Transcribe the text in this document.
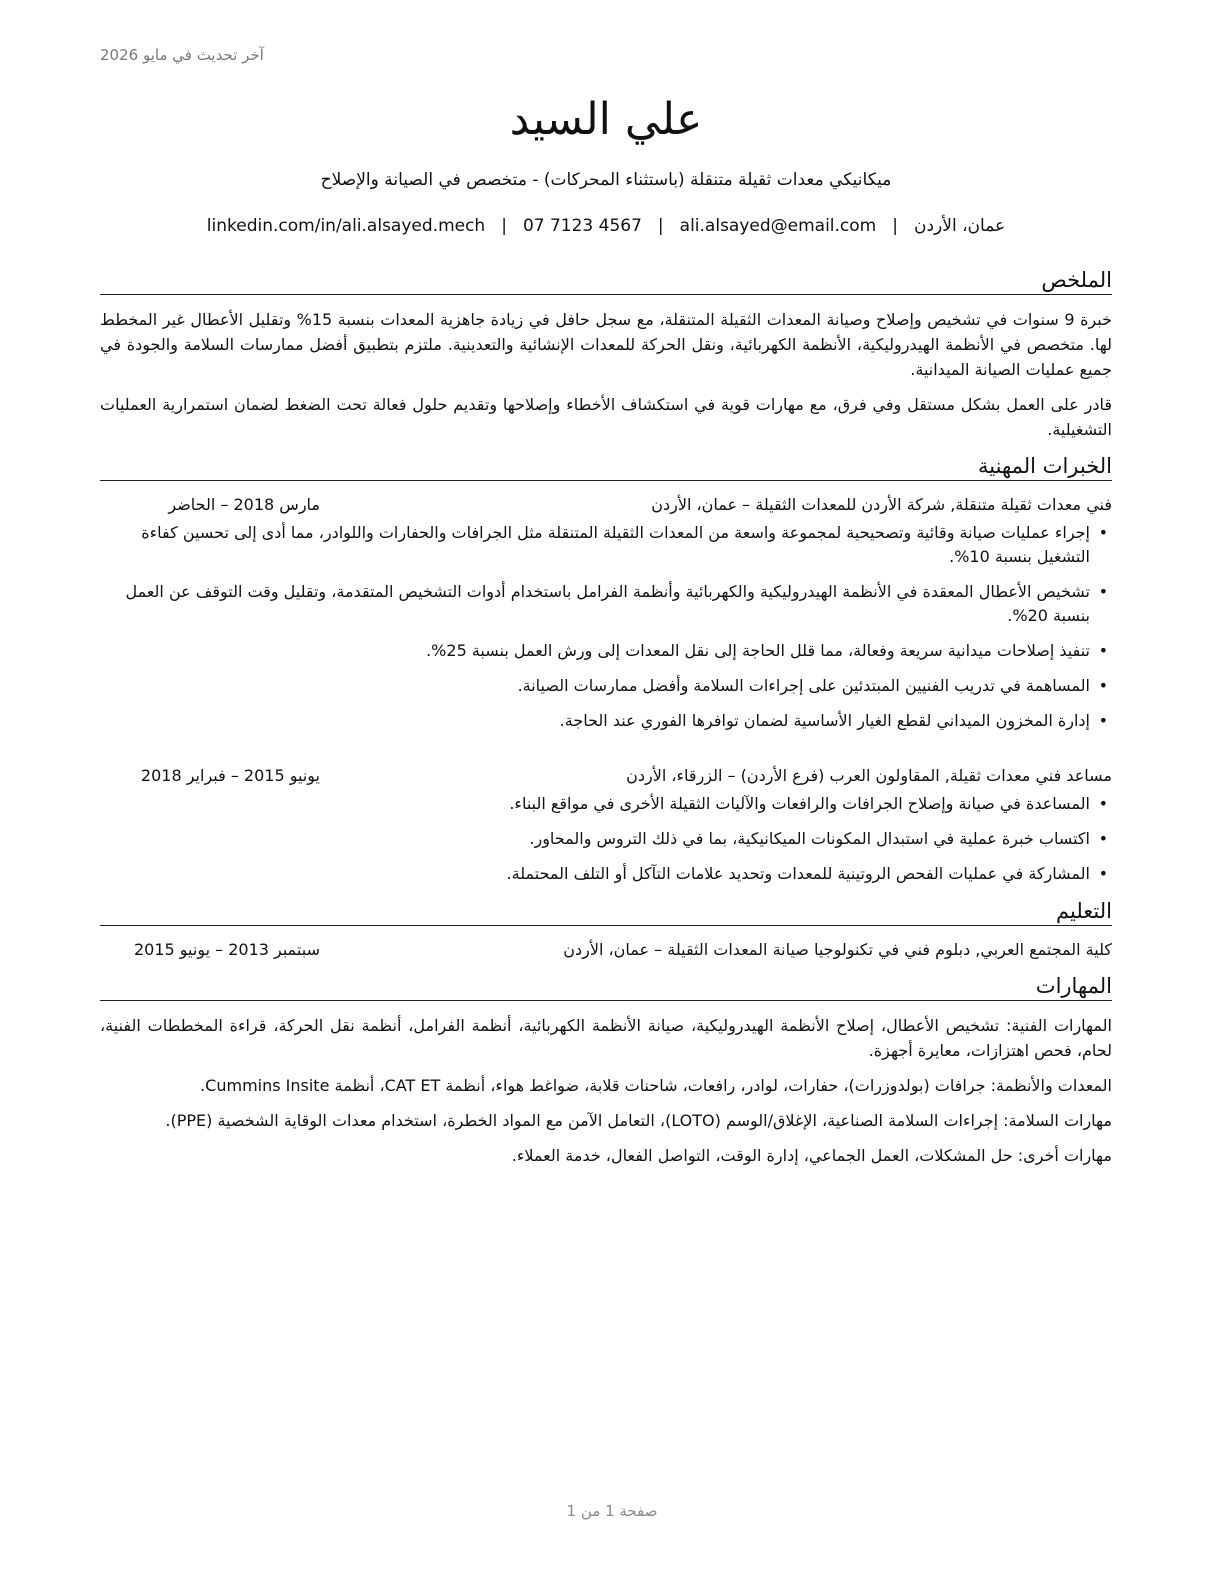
آخر تحديث في مايو 2026
علي السيد
ميكانيكي معدات ثقيلة متنقلة (باستثناء المحركات) - متخصص في الصيانة والإصلاح
عمان، الأردن
|
ali.alsayed@email.com
|
07 7123 4567
|
linkedin.com/in/ali.alsayed.mech
الملخص

خبرة 9 سنوات في تشخيص وإصلاح وصيانة المعدات الثقيلة المتنقلة، مع سجل حافل في زيادة جاهزية المعدات بنسبة 15% وتقليل الأعطال غير المخطط لها. متخصص في الأنظمة الهيدروليكية، الأنظمة الكهربائية، ونقل الحركة للمعدات الإنشائية والتعدينية. ملتزم بتطبيق أفضل ممارسات السلامة والجودة في جميع عمليات الصيانة الميدانية.

قادر على العمل بشكل مستقل وفي فرق، مع مهارات قوية في استكشاف الأخطاء وإصلاحها وتقديم حلول فعالة تحت الضغط لضمان استمرارية العمليات التشغيلية.

الخبرات المهنية
فني معدات ثقيلة متنقلة, شركة الأردن للمعدات الثقيلة – عمان، الأردن
مارس 2018 – الحاضر
• إجراء عمليات صيانة وقائية وتصحيحية لمجموعة واسعة من المعدات الثقيلة المتنقلة مثل الجرافات والحفارات واللوادر، مما أدى إلى تحسين كفاءة التشغيل بنسبة 10%.
• تشخيص الأعطال المعقدة في الأنظمة الهيدروليكية والكهربائية وأنظمة الفرامل باستخدام أدوات التشخيص المتقدمة، وتقليل وقت التوقف عن العمل بنسبة 20%.
• تنفيذ إصلاحات ميدانية سريعة وفعالة، مما قلل الحاجة إلى نقل المعدات إلى ورش العمل بنسبة 25%.
• المساهمة في تدريب الفنيين المبتدئين على إجراءات السلامة وأفضل ممارسات الصيانة.
• إدارة المخزون الميداني لقطع الغيار الأساسية لضمان توافرها الفوري عند الحاجة.
مساعد فني معدات ثقيلة, المقاولون العرب (فرع الأردن) – الزرقاء، الأردن
يونيو 2015 – فبراير 2018
• المساعدة في صيانة وإصلاح الجرافات والرافعات والآليات الثقيلة الأخرى في مواقع البناء.
• اكتساب خبرة عملية في استبدال المكونات الميكانيكية، بما في ذلك التروس والمحاور.
• المشاركة في عمليات الفحص الروتينية للمعدات وتحديد علامات التآكل أو التلف المحتملة.
التعليم
كلية المجتمع العربي, دبلوم فني في تكنولوجيا صيانة المعدات الثقيلة – عمان، الأردن
سبتمبر 2013 – يونيو 2015
المهارات

المهارات الفنية: تشخيص الأعطال، إصلاح الأنظمة الهيدروليكية، صيانة الأنظمة الكهربائية، أنظمة الفرامل، أنظمة نقل الحركة، قراءة المخططات الفنية، لحام، فحص اهتزازات، معايرة أجهزة.

المعدات والأنظمة: جرافات (بولدوزرات)، حفارات، لوادر، رافعات، شاحنات قلابة، ضواغط هواء، أنظمة CAT ET، أنظمة Cummins Insite.

مهارات السلامة: إجراءات السلامة الصناعية، الإغلاق/الوسم (LOTO)، التعامل الآمن مع المواد الخطرة، استخدام معدات الوقاية الشخصية (PPE).

مهارات أخرى: حل المشكلات، العمل الجماعي، إدارة الوقت، التواصل الفعال، خدمة العملاء.

صفحة 1 من 1
